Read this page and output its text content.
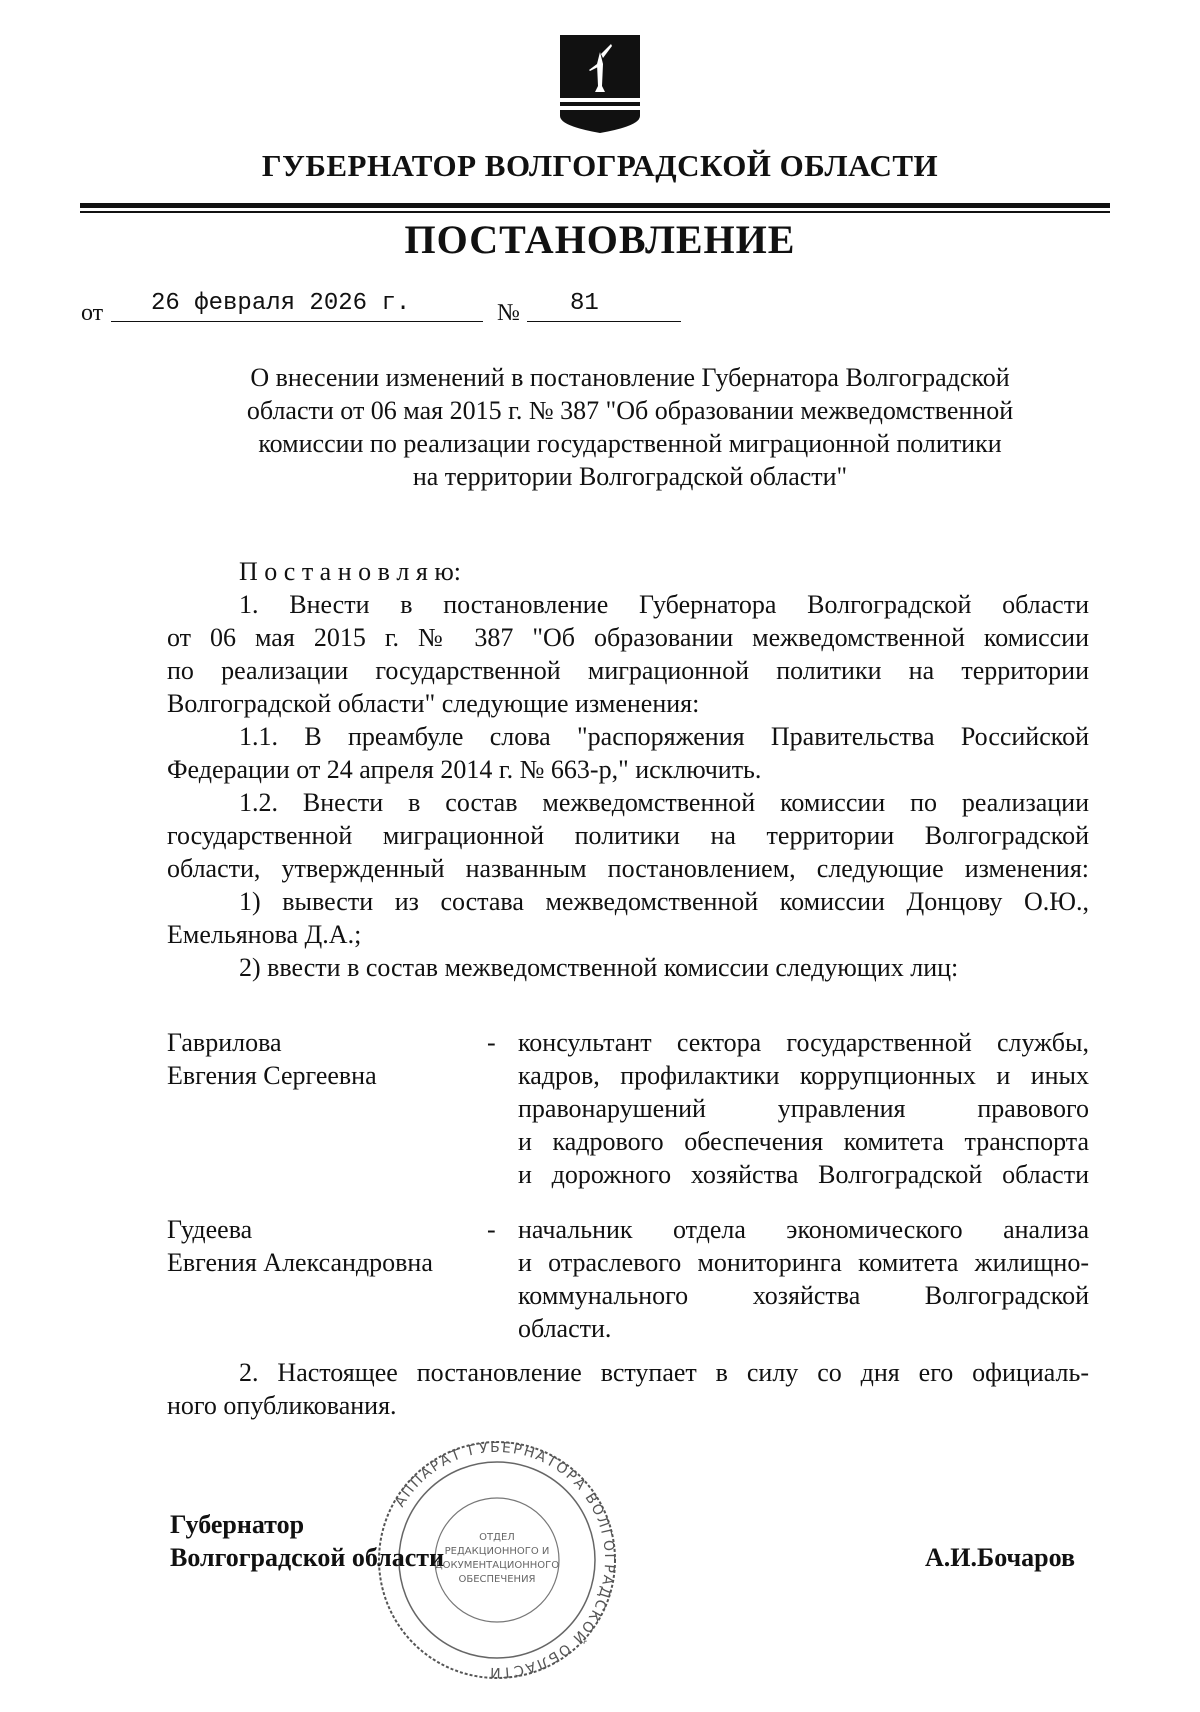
ГУБЕРНАТОР ВОЛГОГРАДСКОЙ ОБЛАСТИ
ПОСТАНОВЛЕНИЕ
от 26 февраля 2026 г.	№ 81
О внесении изменений в постановление Губернатора Волгоградской
области от 06 мая 2015 г. № 387 "Об образовании межведомственной
комиссии по реализации государственной миграционной политики
на территории Волгоградской области"
П о с т а н о в л я ю:
1. Внести в постановление Губернатора Волгоградской области
от 06 мая 2015 г. № 387 "Об образовании межведомственной комиссии
по реализации государственной миграционной политики на территории
Волгоградской области" следующие изменения:
1.1. В преамбуле слова "распоряжения Правительства Российской
Федерации от 24 апреля 2014 г. № 663-р," исключить.
1.2. Внести в состав межведомственной комиссии по реализации
государственной миграционной политики на территории Волгоградской
области, утвержденный названным постановлением, следующие изменения:
1) вывести из состава межведомственной комиссии Донцову О.Ю.,
Емельянова Д.А.;
2) ввести в состав межведомственной комиссии следующих лиц:
Гаврилова
Евгения Сергеевна
- консультант сектора государственной службы,
кадров, профилактики коррупционных и иных
правонарушений управления правового
и кадрового обеспечения комитета транспорта
и дорожного хозяйства Волгоградской области
Гудеева
Евгения Александровна
- начальник отдела экономического анализа
и отраслевого мониторинга комитета жилищно-
коммунального хозяйства Волгоградской
области.
2. Настоящее постановление вступает в силу со дня его официаль-
ного опубликования.
АППАРАТ ГУБЕРНАТОРА ВОЛГОГРАДСКОЙ ОБЛАСТИ
ОТДЕЛ
РЕДАКЦИОННОГО И
ДОКУМЕНТАЦИОННОГО
ОБЕСПЕЧЕНИЯ
Губернатор
Волгоградской области	А.И.Бочаров
